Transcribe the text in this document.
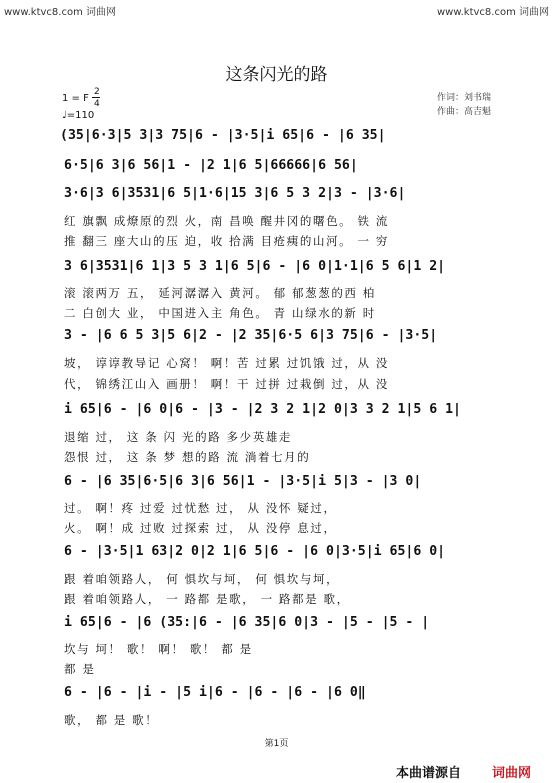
www.ktvc8.com 词曲网	www.ktvc8.com 词曲网
这条闪光的路
1 = F
2
4
♩=110
作词：刘书瑞
作曲：高吉魁
(35|6·3|5 3|3 75|6 - |3·5|i 65|6 - |6 35|
6·5|6 3|6 56|1 - |2 1|6 5|66666|6 56|
3·6|3 6|3531|6 5|1·6|15 3|6 5 3 2|3 - |3·6|
红 旗飘 成燎原的烈 火，南 昌唤 醒井冈的曙色。 铁 流
推 翻三 座大山的压 迫，收 拾满 目疮痍的山河。 一 穷
3 6|3531|6 1|3 5 3 1|6 5|6 - |6 0|1·1|6 5 6|1 2|
滚 滚两万 五， 延河潺潺入 黄河。 郁 郁葱葱的西 柏
二 白创大 业， 中国进入主 角色。 青 山绿水的新 时
3 - |6 6 5 3|5 6|2 - |2 35|6·5 6|3 75|6 - |3·5|
坡， 谆谆教导记 心窝！ 啊！苦 过累 过饥饿 过，从 没
代， 锦绣江山入 画册！ 啊！干 过拼 过栽倒 过，从 没
i 65|6 - |6 0|6 - |3 - |2 3 2 1|2 0|3 3 2 1|5 6 1|
退缩 过， 这 条 闪 光的路 多少英雄走
怨恨 过， 这 条 梦 想的路 流 淌着七月的
6 - |6 35|6·5|6 3|6 56|1 - |3·5|i 5|3 - |3 0|
过。 啊！疼 过爱 过忧愁 过， 从 没怀 疑过，
火。 啊！成 过败 过探索 过， 从 没停 息过，
6 - |3·5|1 63|2 0|2 1|6 5|6 - |6 0|3·5|i 65|6 0|
跟 着咱领路人， 何 惧坎与坷， 何 惧坎与坷，
跟 着咱领路人， 一 路都 是歌， 一 路都是 歌，
i 65|6 - |6 (35:|6 - |6 35|6 0|3 - |5 - |5 - |
坎与 坷！ 歌！ 啊！ 歌！ 都 是
都 是
6 - |6 - |i - |5 i|6 - |6 - |6 - |6 0‖
歌， 都 是 歌！
第1页
本曲谱源自 词曲网
